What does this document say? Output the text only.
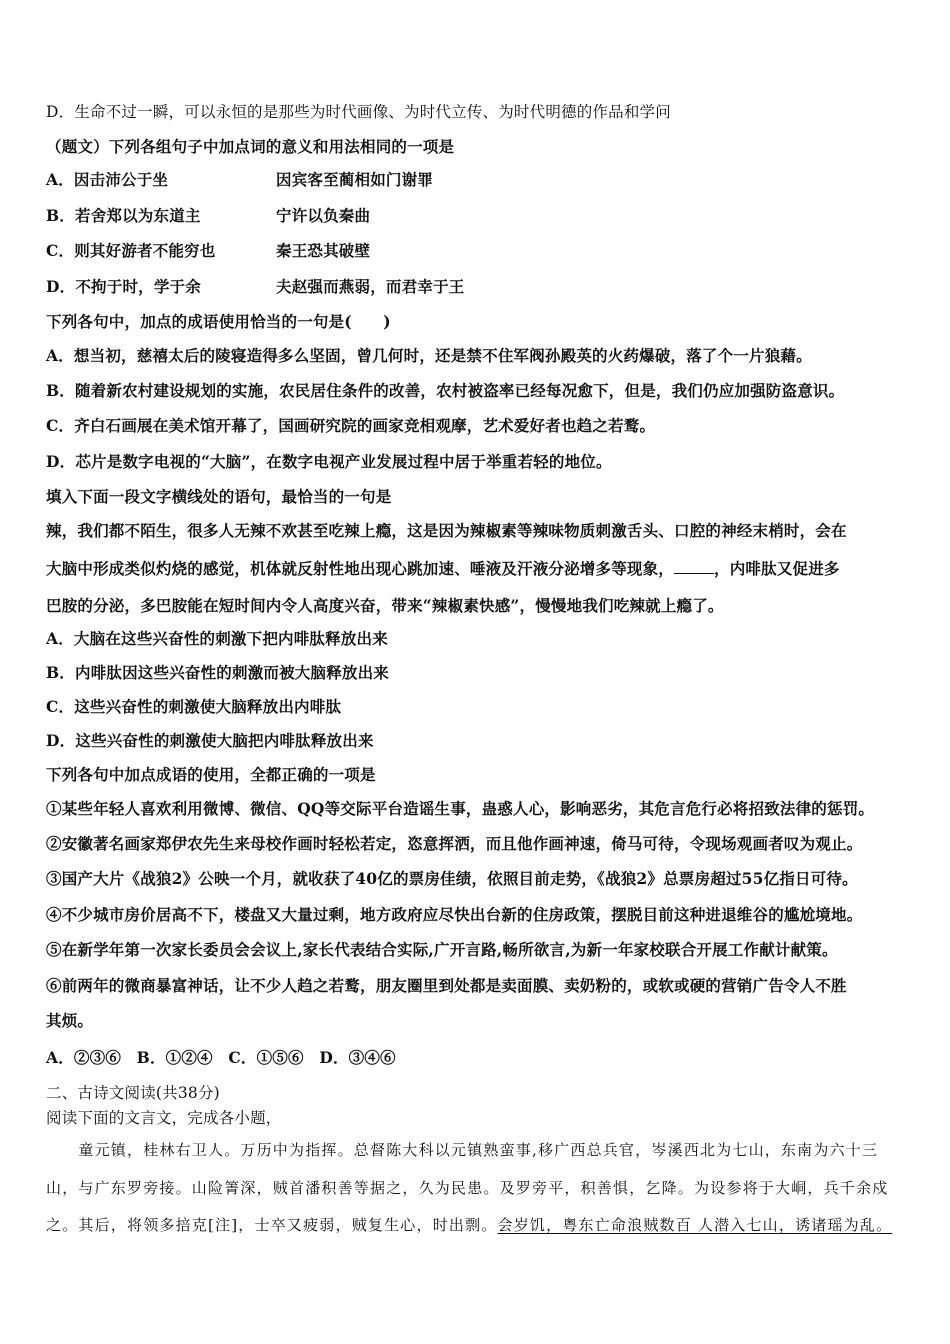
D．生命不过一瞬，可以永恒的是那些为时代画像、为时代立传、为时代明德的作品和学问
（题文）下列各组句子中加点词的意义和用法相同的一项是
A．因击沛公于坐	因宾客至蔺相如门谢罪
B．若舍郑以为东道主	宁许以负秦曲
C．则其好游者不能穷也	秦王恐其破壁
D．不拘于时，学于余	夫赵强而燕弱，而君幸于王
下列各句中，加点的成语使用恰当的一句是(　　)
A．想当初，慈禧太后的陵寝造得多么坚固，曾几何时，还是禁不住军阀孙殿英的火药爆破，落了个一片狼藉。
B．随着新农村建设规划的实施，农民居住条件的改善，农村被盗率已经每况愈下，但是，我们仍应加强防盗意识。
C．齐白石画展在美术馆开幕了，国画研究院的画家竞相观摩，艺术爱好者也趋之若鹜。
D．芯片是数字电视的“大脑”，在数字电视产业发展过程中居于举重若轻的地位。
填入下面一段文字横线处的语句，最恰当的一句是
辣，我们都不陌生，很多人无辣不欢甚至吃辣上瘾，这是因为辣椒素等辣味物质刺激舌头、口腔的神经末梢时，会在
大脑中形成类似灼烧的感觉，机体就反射性地出现心跳加速、唾液及汗液分泌增多等现象，	，内啡肽又促进多
巴胺的分泌，多巴胺能在短时间内令人高度兴奋，带来“辣椒素快感”，慢慢地我们吃辣就上瘾了。
A．大脑在这些兴奋性的刺激下把内啡肽释放出来
B．内啡肽因这些兴奋性的刺激而被大脑释放出来
C．这些兴奋性的刺激使大脑释放出内啡肽
D．这些兴奋性的刺激使大脑把内啡肽释放出来
下列各句中加点成语的使用，全都正确的一项是
①某些年轻人喜欢利用微博、微信、QQ等交际平台造谣生事，蛊惑人心，影响恶劣，其危言危行必将招致法律的惩罚。
②安徽著名画家郑伊农先生来母校作画时轻松若定，恣意挥洒，而且他作画神速，倚马可待，令现场观画者叹为观止。
③国产大片《战狼2》公映一个月，就收获了40亿的票房佳绩，依照目前走势，《战狼2》总票房超过55亿指日可待。
④不少城市房价居高不下，楼盘又大量过剩，地方政府应尽快出台新的住房政策，摆脱目前这种进退维谷的尴尬境地。
⑤在新学年第一次家长委员会会议上,家长代表结合实际,广开言路,畅所欲言,为新一年家校联合开展工作献计献策。
⑥前两年的微商暴富神话，让不少人趋之若鹜，朋友圈里到处都是卖面膜、卖奶粉的，或软或硬的营销广告令人不胜
其烦。
A．②③⑥ B．①②④ C．①⑤⑥ D．③④⑥
二、古诗文阅读(共38分)
阅读下面的文言文，完成各小题，
　　童元镇，桂林右卫人。万历中为指挥。总督陈大科以元镇熟蛮事,移广西总兵官，岑溪西北为七山，东南为六十三
山，与广东罗旁接。山险箐深，贼首潘积善等据之，久为民患。及罗旁平，积善惧，乞降。为设参将于大峒，兵千余戍
之。其后，将领多掊克[注]，士卒又疲弱，贼复生心，时出剽。会岁饥，粤东亡命浪贼数百 人潜入七山，诱诸瑶为乱。
